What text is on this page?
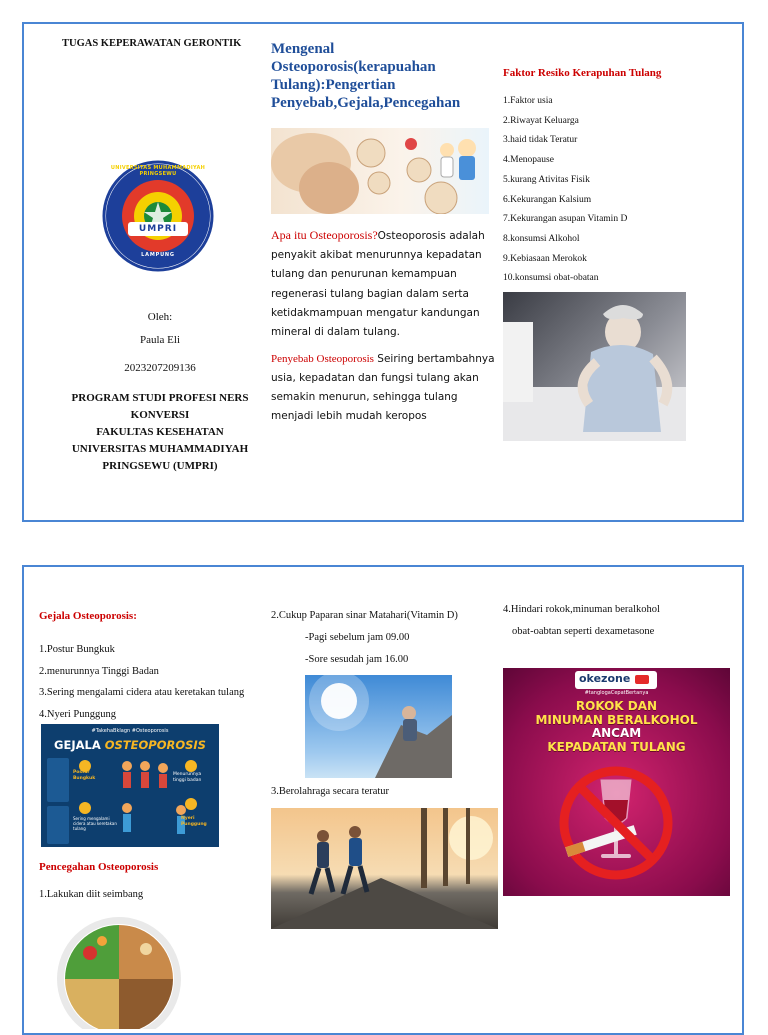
TUGAS KEPERAWATAN GERONTIK
UNIVERSITAS MUHAMMADIYAH PRINGSEWU
UMPRI
LAMPUNG
Oleh:
Paula Eli
2023207209136
PROGRAM STUDI PROFESI NERS
KONVERSI
FAKULTAS KESEHATAN
UNIVERSITAS MUHAMMADIYAH
PRINGSEWU (UMPRI)
Mengenal
Osteoporosis(kerapuahan
Tulang):Pengertian
Penyebab,Gejala,Pencegahan
Apa itu Osteoporosis?Osteoporosis adalah
penyakit akibat menurunnya kepadatan
tulang dan penurunan kemampuan
regenerasi tulang bagian dalam serta
ketidakmampuan mengatur kandungan
mineral di dalam tulang.
Penyebab Osteoporosis Seiring bertambahnya
usia, kepadatan dan fungsi tulang akan
semakin menurun, sehingga tulang
menjadi lebih mudah keropos
Faktor Resiko Kerapuhan Tulang
1.Faktor usia
2.Riwayat Keluarga
3.haid tidak Teratur
4.Menopause
5.kurang Ativitas Fisik
6.Kekurangan Kalsium
7.Kekurangan asupan Vitamin D
8.konsumsi Alkohol
9.Kebiasaan Merokok
10.konsumsi obat-obatan
Gejala Osteoporosis:
1.Postur Bungkuk
2.menurunnya Tinggi Badan
3.Sering mengalami cidera atau keretakan tulang
4.Nyeri Punggung
#TakehaBklagn #Osteoporosis
GEJALA OSTEOPOROSIS
Postur Bungkuk
Menurunnya tinggi badan
Sering mengalami cidera atau keretakan tulang
Nyeri Punggung
Pencegahan Osteoporosis
1.Lakukan diit seimbang
2.Cukup Paparan sinar Matahari(Vitamin D)
-Pagi sebelum jam 09.00
-Sore sesudah jam 16.00
3.Berolahraga secara teratur
4.Hindari rokok,minuman beralkohol
obat-oabtan seperti dexametasone
okezone
#tanglogaCepatBertanya
ROKOK DAN
MINUMAN BERALKOHOL
ANCAM
KEPADATAN TULANG
